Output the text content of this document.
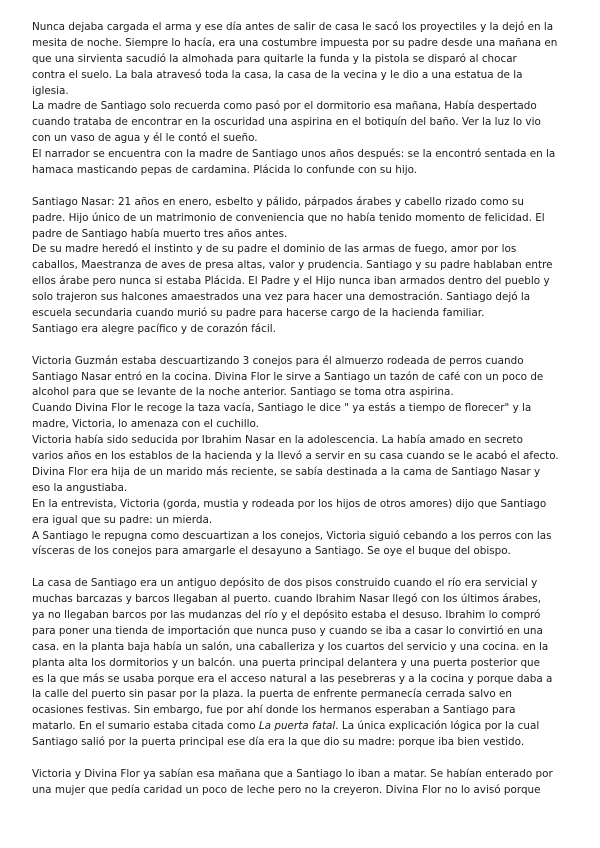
Nunca dejaba cargada el arma y ese día antes de salir de casa le sacó los proyectiles y la dejó en la
mesita de noche. Siempre lo hacía, era una costumbre impuesta por su padre desde una mañana en
que una sirvienta sacudió la almohada para quitarle la funda y la pistola se disparó al chocar
contra el suelo. La bala atravesó toda la casa, la casa de la vecina y le dio a una estatua de la
iglesia.
La madre de Santiago solo recuerda como pasó por el dormitorio esa mañana, Había despertado
cuando trataba de encontrar en la oscuridad una aspirina en el botiquín del baño. Ver la luz lo vio
con un vaso de agua y él le contó el sueño.
El narrador se encuentra con la madre de Santiago unos años después: se la encontró sentada en la
hamaca masticando pepas de cardamina. Plácida lo confunde con su hijo.
Santiago Nasar: 21 años en enero, esbelto y pálido, párpados árabes y cabello rizado como su
padre. Hijo único de un matrimonio de conveniencia que no había tenido momento de felicidad. El
padre de Santiago había muerto tres años antes.
De su madre heredó el instinto y de su padre el dominio de las armas de fuego, amor por los
caballos, Maestranza de aves de presa altas, valor y prudencia. Santiago y su padre hablaban entre
ellos árabe pero nunca si estaba Plácida. El Padre y el Hijo nunca iban armados dentro del pueblo y
solo trajeron sus halcones amaestrados una vez para hacer una demostración. Santiago dejó la
escuela secundaria cuando murió su padre para hacerse cargo de la hacienda familiar.
Santiago era alegre pacífico y de corazón fácil.
Victoria Guzmán estaba descuartizando 3 conejos para él almuerzo rodeada de perros cuando
Santiago Nasar entró en la cocina. Divina Flor le sirve a Santiago un tazón de café con un poco de
alcohol para que se levante de la noche anterior. Santiago se toma otra aspirina.
Cuando Divina Flor le recoge la taza vacía, Santiago le dice " ya estás a tiempo de florecer" y la
madre, Victoria, lo amenaza con el cuchillo.
Victoria había sido seducida por Ibrahim Nasar en la adolescencia. La había amado en secreto
varios años en los establos de la hacienda y la llevó a servir en su casa cuando se le acabó el afecto.
Divina Flor era hija de un marido más reciente, se sabía destinada a la cama de Santiago Nasar y
eso la angustiaba.
En la entrevista, Victoria (gorda, mustia y rodeada por los hijos de otros amores) dijo que Santiago
era igual que su padre: un mierda.
A Santiago le repugna como descuartizan a los conejos, Victoria siguió cebando a los perros con las
vísceras de los conejos para amargarle el desayuno a Santiago. Se oye el buque del obispo.
La casa de Santiago era un antiguo depósito de dos pisos construido cuando el río era servicial y
muchas barcazas y barcos llegaban al puerto. cuando Ibrahim Nasar llegó con los últimos árabes,
ya no llegaban barcos por las mudanzas del río y el depósito estaba el desuso. Ibrahim lo compró
para poner una tienda de importación que nunca puso y cuando se iba a casar lo convirtió en una
casa. en la planta baja había un salón, una caballeriza y los cuartos del servicio y una cocina. en la
planta alta los dormitorios y un balcón. una puerta principal delantera y una puerta posterior que
es la que más se usaba porque era el acceso natural a las pesebreras y a la cocina y porque daba a
la calle del puerto sin pasar por la plaza. la puerta de enfrente permanecía cerrada salvo en
ocasiones festivas. Sin embargo, fue por ahí donde los hermanos esperaban a Santiago para
matarlo. En el sumario estaba citada como La puerta fatal. La única explicación lógica por la cual
Santiago salió por la puerta principal ese día era la que dio su madre: porque iba bien vestido.
Victoria y Divina Flor ya sabían esa mañana que a Santiago lo iban a matar. Se habían enterado por
una mujer que pedía caridad un poco de leche pero no la creyeron. Divina Flor no lo avisó porque
